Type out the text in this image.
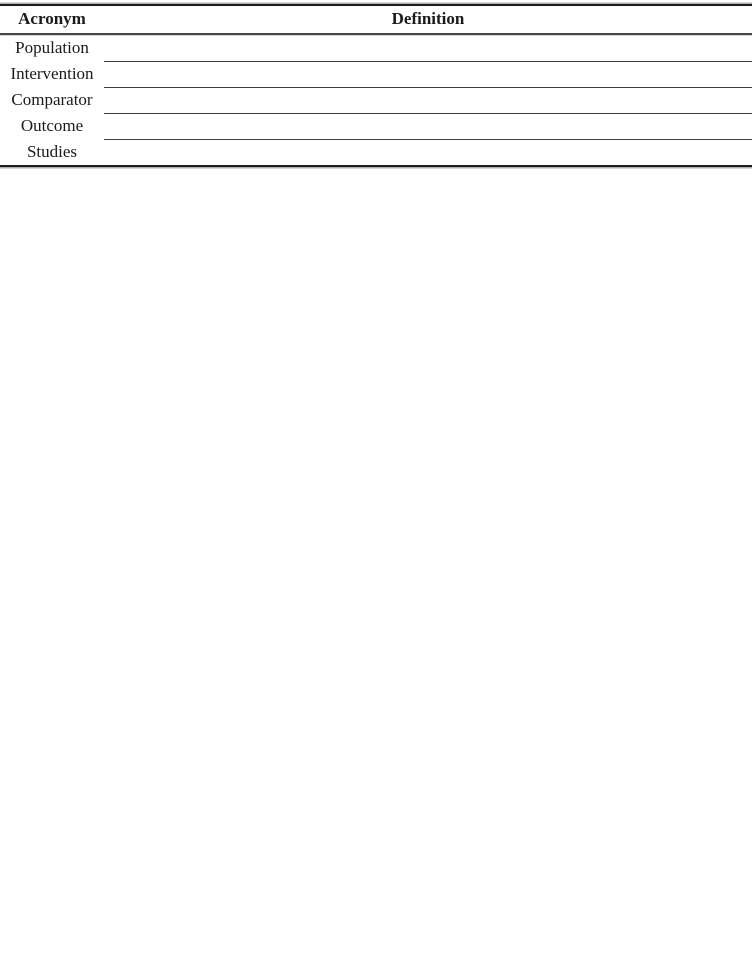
Acronym	Definition
Population	
Intervention	
Comparator	
Outcome	
Studies	
